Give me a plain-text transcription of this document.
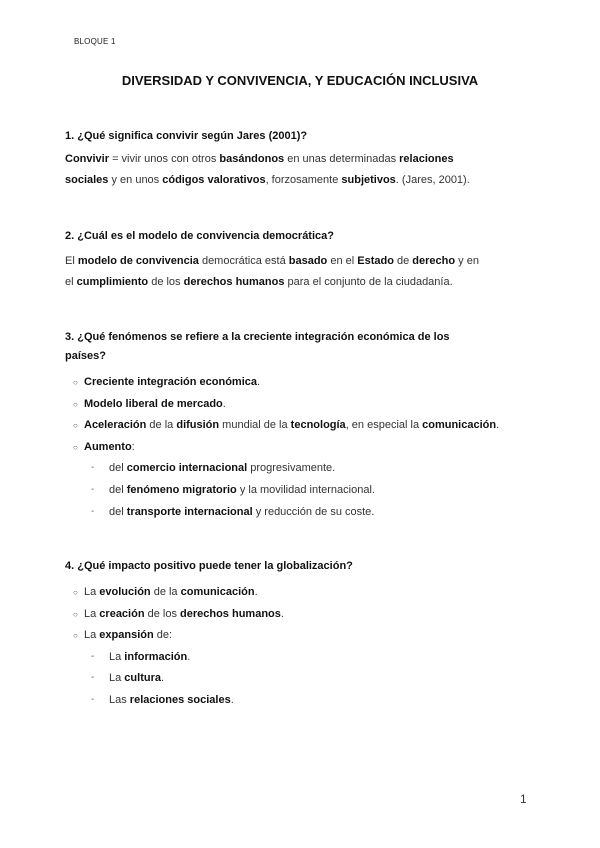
BLOQUE 1
DIVERSIDAD Y CONVIVENCIA, Y EDUCACIÓN INCLUSIVA
1. ¿Qué significa convivir según Jares (2001)?
Convivir = vivir unos con otros basándonos en unas determinadas relaciones
sociales y en unos códigos valorativos, forzosamente subjetivos. (Jares, 2001).
2. ¿Cuál es el modelo de convivencia democrática?
El modelo de convivencia democrática está basado en el Estado de derecho y en
el cumplimiento de los derechos humanos para el conjunto de la ciudadanía.
3. ¿Qué fenómenos se refiere a la creciente integración económica de los
países?
○ Creciente integración económica.
○ Modelo liberal de mercado.
○ Aceleración de la difusión mundial de la tecnología, en especial la comunicación.
○ Aumento:
- del comercio internacional progresivamente.
- del fenómeno migratorio y la movilidad internacional.
- del transporte internacional y reducción de su coste.
4. ¿Qué impacto positivo puede tener la globalización?
○ La evolución de la comunicación.
○ La creación de los derechos humanos.
○ La expansión de:
- La información.
- La cultura.
- Las relaciones sociales.
1
